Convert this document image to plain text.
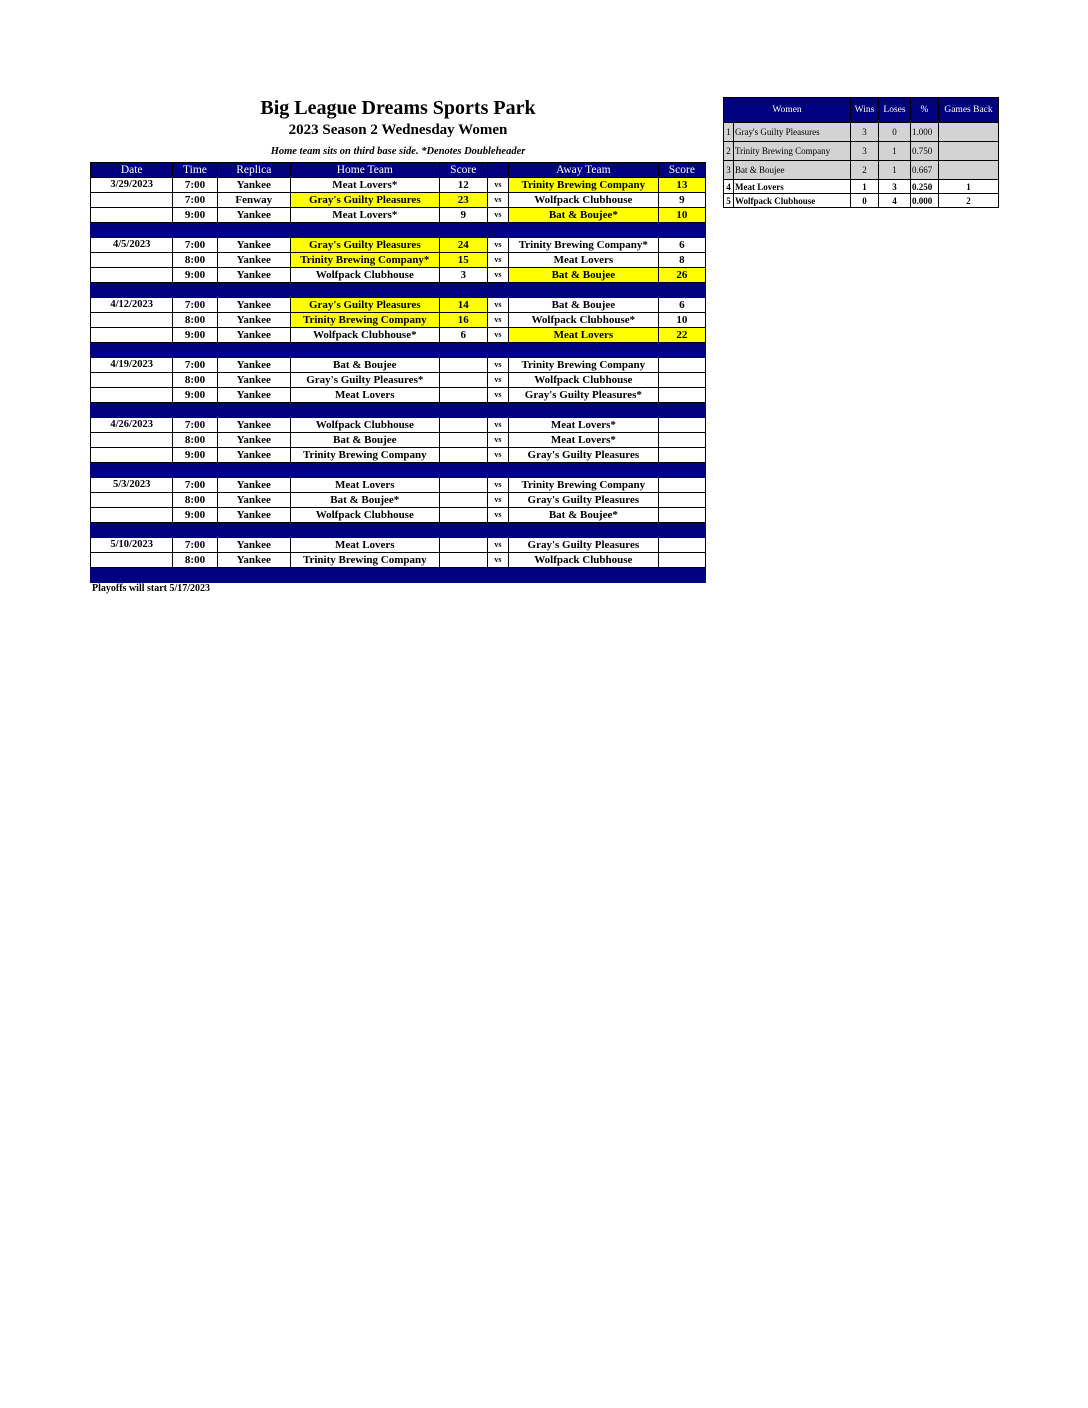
Big League Dreams Sports Park
2023 Season 2 Wednesday Women
Home team sits on third base side. *Denotes Doubleheader
Date	Time	Replica	Home Team	Score		Away Team	Score
3/29/2023	7:00	Yankee	Meat Lovers*	12	vs	Trinity Brewing Company	13
	7:00	Fenway	Gray's Guilty Pleasures	23	vs	Wolfpack Clubhouse	9
	9:00	Yankee	Meat Lovers*	9	vs	Bat & Boujee*	10

4/5/2023	7:00	Yankee	Gray's Guilty Pleasures	24	vs	Trinity Brewing Company*	6
	8:00	Yankee	Trinity Brewing Company*	15	vs	Meat Lovers	8
	9:00	Yankee	Wolfpack Clubhouse	3	vs	Bat & Boujee	26

4/12/2023	7:00	Yankee	Gray's Guilty Pleasures	14	vs	Bat & Boujee	6
	8:00	Yankee	Trinity Brewing Company	16	vs	Wolfpack Clubhouse*	10
	9:00	Yankee	Wolfpack Clubhouse*	6	vs	Meat Lovers	22

4/19/2023	7:00	Yankee	Bat & Boujee		vs	Trinity Brewing Company	
	8:00	Yankee	Gray's Guilty Pleasures*		vs	Wolfpack Clubhouse	
	9:00	Yankee	Meat Lovers		vs	Gray's Guilty Pleasures*	

4/26/2023	7:00	Yankee	Wolfpack Clubhouse		vs	Meat Lovers*	
	8:00	Yankee	Bat & Boujee		vs	Meat Lovers*	
	9:00	Yankee	Trinity Brewing Company		vs	Gray's Guilty Pleasures	

5/3/2023	7:00	Yankee	Meat Lovers		vs	Trinity Brewing Company	
	8:00	Yankee	Bat & Boujee*		vs	Gray's Guilty Pleasures	
	9:00	Yankee	Wolfpack Clubhouse		vs	Bat & Boujee*	

5/10/2023	7:00	Yankee	Meat Lovers		vs	Gray's Guilty Pleasures	
	8:00	Yankee	Trinity Brewing Company		vs	Wolfpack Clubhouse	

Women		Wins	Loses	%	Games Back
1	Gray's Guilty Pleasures	3	0	1.000	
2	Trinity Brewing Company	3	1	0.750	
3	Bat & Boujee	2	1	0.667	
4	Meat Lovers	1	3	0.250	1
5	Wolfpack Clubhouse	0	4	0.000	2
Playoffs will start 5/17/2023
